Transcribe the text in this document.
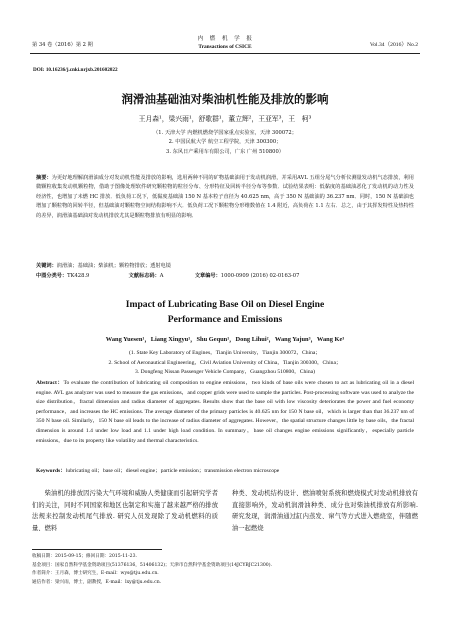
第 34 卷（2016）第 2 期
内　燃　机　学　报
Transactions of CSICE	Vol.34（2016）No.2
DOI: 10.16236/j.cnki.nrjxb.201602022
润滑油基础油对柴油机性能及排放的影响
王月森¹，梁兴雨¹，舒歌群¹，董立辉²，王亚军³，王　柯³
（1. 天津大学 内燃机燃烧学国家重点实验室，天津 300072；
2. 中国民航大学 航空工程学院，天津 300300；
3. 东风日产乘用车有限公司，广东 广州 510800）
摘要：为更好地理解润滑油成分对发动机性能及排放的影响，选用两种不同的矿物基础油用于发动机润滑，并采用AVL 五组分尾气分析仪测量发动机气态排放，利用微颗粒收集发动机颗粒物，借助于图像处理软件研究颗粒物的粒径分布、分形特征及回转半径分布等参数．试验结果表明：低黏度的基础油恶化了发动机的动力性及经济性，也增加了未燃 HC 排放．低负荷工况下，低黏度基础油 150 N 基本粒子直径为 40.625 nm，高于 350 N 基础油的 36.237 nm．同时，150 N 基础油也增加了颗粒物的回转半径，但基础油对颗粒物空间结构影响不大．低负荷工况下颗粒物分形维数值在 1.4 附近，高负荷在 1.1 左右．总之，由于其挥发特性及热特性的差异，润滑油基础油对发动机排放尤其是颗粒物排放有明显的影响．
关键词：润滑油；基础油；柴油机；颗粒物排放；透射电镜
中图分类号：TK428.9	文献标志码：A	文章编号：1000-0909 (2016) 02-0163-07
Impact of Lubricating Base Oil on Diesel Engine
Performance and Emissions
Wang Yuesen¹，Liang Xingyu¹，Shu Gequn¹，Dong Lihui²，Wang Yajun³，Wang Ke³
(1. State Key Laboratory of Engines，Tianjin University，Tianjin 300072，China；
2. School of Aeronautical Engineering，Civil Aviation University of China，Tianjin 300300，China；
3. Dongfeng Nissan Passenger Vehicle Company，Guangzhou 510800，China)
Abstract：To evaluate the contribution of lubricating oil composition to engine emissions，two kinds of base oils were chosen to act as lubricating oil in a diesel engine. AVL gas analyzer was used to measure the gas emissions，and copper grids were used to sample the particles. Post-processing software was used to analyze the size distribution，fractal dimension and radius diameter of aggregates. Results show that the base oil with low viscosity deteriorates the power and fuel economy performance，and increases the HC emissions. The average diameter of the primary particles is 40.625 nm for 150 N base oil，which is larger than that 36.237 nm of 350 N base oil. Similarly，150 N base oil leads to the increase of radius diameter of aggregates. However，the spatial structure changes little by base oils，the fractal dimension is around 1.4 under low load and 1.1 under high load condition. In summary，base oil changes engine emissions significantly，especially particle emissions，due to its property like volatility and thermal characteristics.
Keywords：lubricating oil；base oil；diesel engine；particle emission；transmission electron microscope
柴油机的排放因污染大气环境和威胁人类健康而引起研究学者们的关注，同时不同国家和地区也制定和实施了越来越严格的排放法规来控制发动机尾气排放. 研究人员发现除了发动机燃料的质量、燃料
种类、发动机结构设计、燃油喷射系统和燃烧模式对发动机排放有直接影响外，发动机润滑油种类、成分也对柴油机排放有所影响. 研究发现，润滑油通过缸内蒸发、窜气等方式进入燃烧室，伴随燃油一起燃烧
收稿日期：2015-09-15；修回日期：2015-11-23.
基金项目：国家自然科学基金资助项目(51376136，51406132)；天津市自然科学基金资助项目(14JCYBJC21300).
作者简介：王月森，博士研究生，E-mail：wys@tju.edu.cn.
通信作者：梁兴雨，博士，副教授，E-mail：lxy@tju.edu.cn.
